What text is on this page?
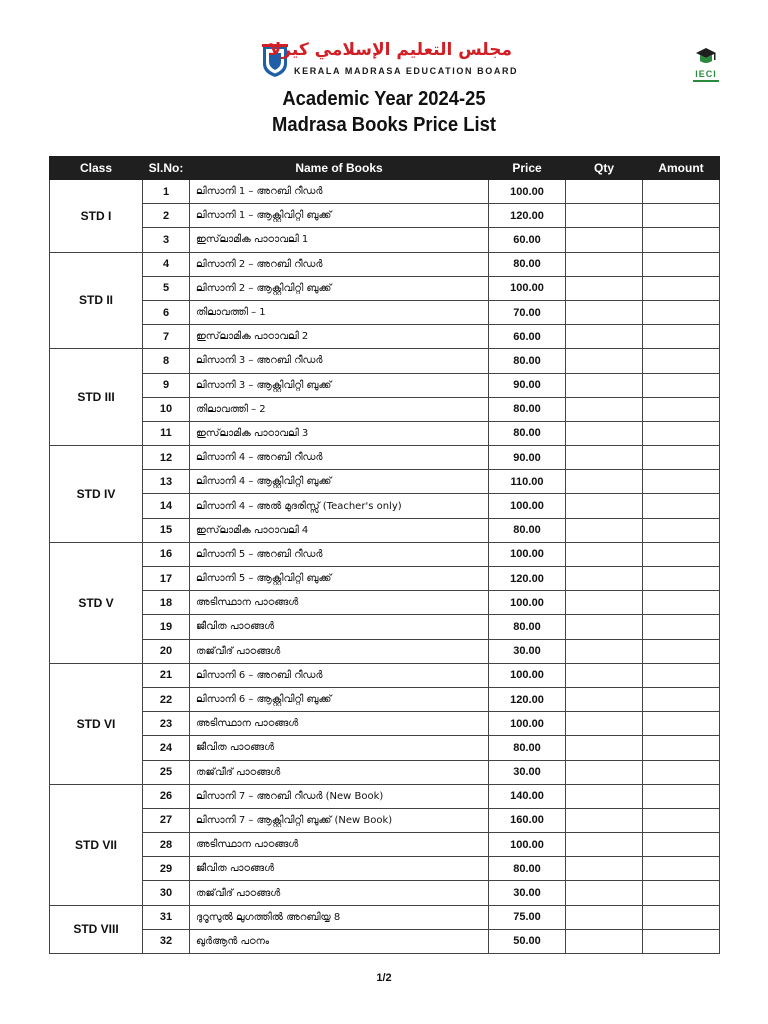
مجلس التعليم الإسلامي كيرلا
KERALA MADRASA EDUCATION BOARD	IECI
Academic Year 2024-25
Madrasa Books Price List
Class	Sl.No:	Name of Books	Price	Qty	Amount
STD I	1	ലിസാനി 1 – അറബി റീഡർ	100.00		
	2	ലിസാനി 1 – ആക്റ്റിവിറ്റി ബുക്ക്	120.00		
	3	ഇസ്‌ലാമിക പാഠാവലി 1	60.00		
STD II	4	ലിസാനി 2 – അറബി റീഡർ	80.00		
	5	ലിസാനി 2 – ആക്റ്റിവിറ്റി ബുക്ക്	100.00		
	6	തിലാവത്തി – 1	70.00		
	7	ഇസ്‌ലാമിക പാഠാവലി 2	60.00		
STD III	8	ലിസാനി 3 – അറബി റീഡർ	80.00		
	9	ലിസാനി 3 – ആക്റ്റിവിറ്റി ബുക്ക്	90.00		
	10	തിലാവത്തി – 2	80.00		
	11	ഇസ്‌ലാമിക പാഠാവലി 3	80.00		
STD IV	12	ലിസാനി 4 – അറബി റീഡർ	90.00		
	13	ലിസാനി 4 – ആക്റ്റിവിറ്റി ബുക്ക്	110.00		
	14	ലിസാനി 4 – അൽ മുദരിസ്സ് (Teacher's only)	100.00		
	15	ഇസ്‌ലാമിക പാഠാവലി 4	80.00		
STD V	16	ലിസാനി 5 – അറബി റീഡർ	100.00		
	17	ലിസാനി 5 – ആക്റ്റിവിറ്റി ബുക്ക്	120.00		
	18	അടിസ്ഥാന പാഠങ്ങൾ	100.00		
	19	ജീവിത പാഠങ്ങൾ	80.00		
	20	തജ്‌വീദ് പാഠങ്ങൾ	30.00		
STD VI	21	ലിസാനി 6 – അറബി റീഡർ	100.00		
	22	ലിസാനി 6 – ആക്റ്റിവിറ്റി ബുക്ക്	120.00		
	23	അടിസ്ഥാന പാഠങ്ങൾ	100.00		
	24	ജീവിത പാഠങ്ങൾ	80.00		
	25	തജ്‌വീദ് പാഠങ്ങൾ	30.00		
STD VII	26	ലിസാനി 7 – അറബി റീഡർ (New Book)	140.00		
	27	ലിസാനി 7 – ആക്റ്റിവിറ്റി ബുക്ക് (New Book)	160.00		
	28	അടിസ്ഥാന പാഠങ്ങൾ	100.00		
	29	ജീവിത പാഠങ്ങൾ	80.00		
	30	തജ്‌വീദ് പാഠങ്ങൾ	30.00		
STD VIII	31	ദുറൂസുൽ ലുഗത്തിൽ അറബിയ്യ 8	75.00		
	32	ഖുർആൻ പഠനം	50.00		
1/2
